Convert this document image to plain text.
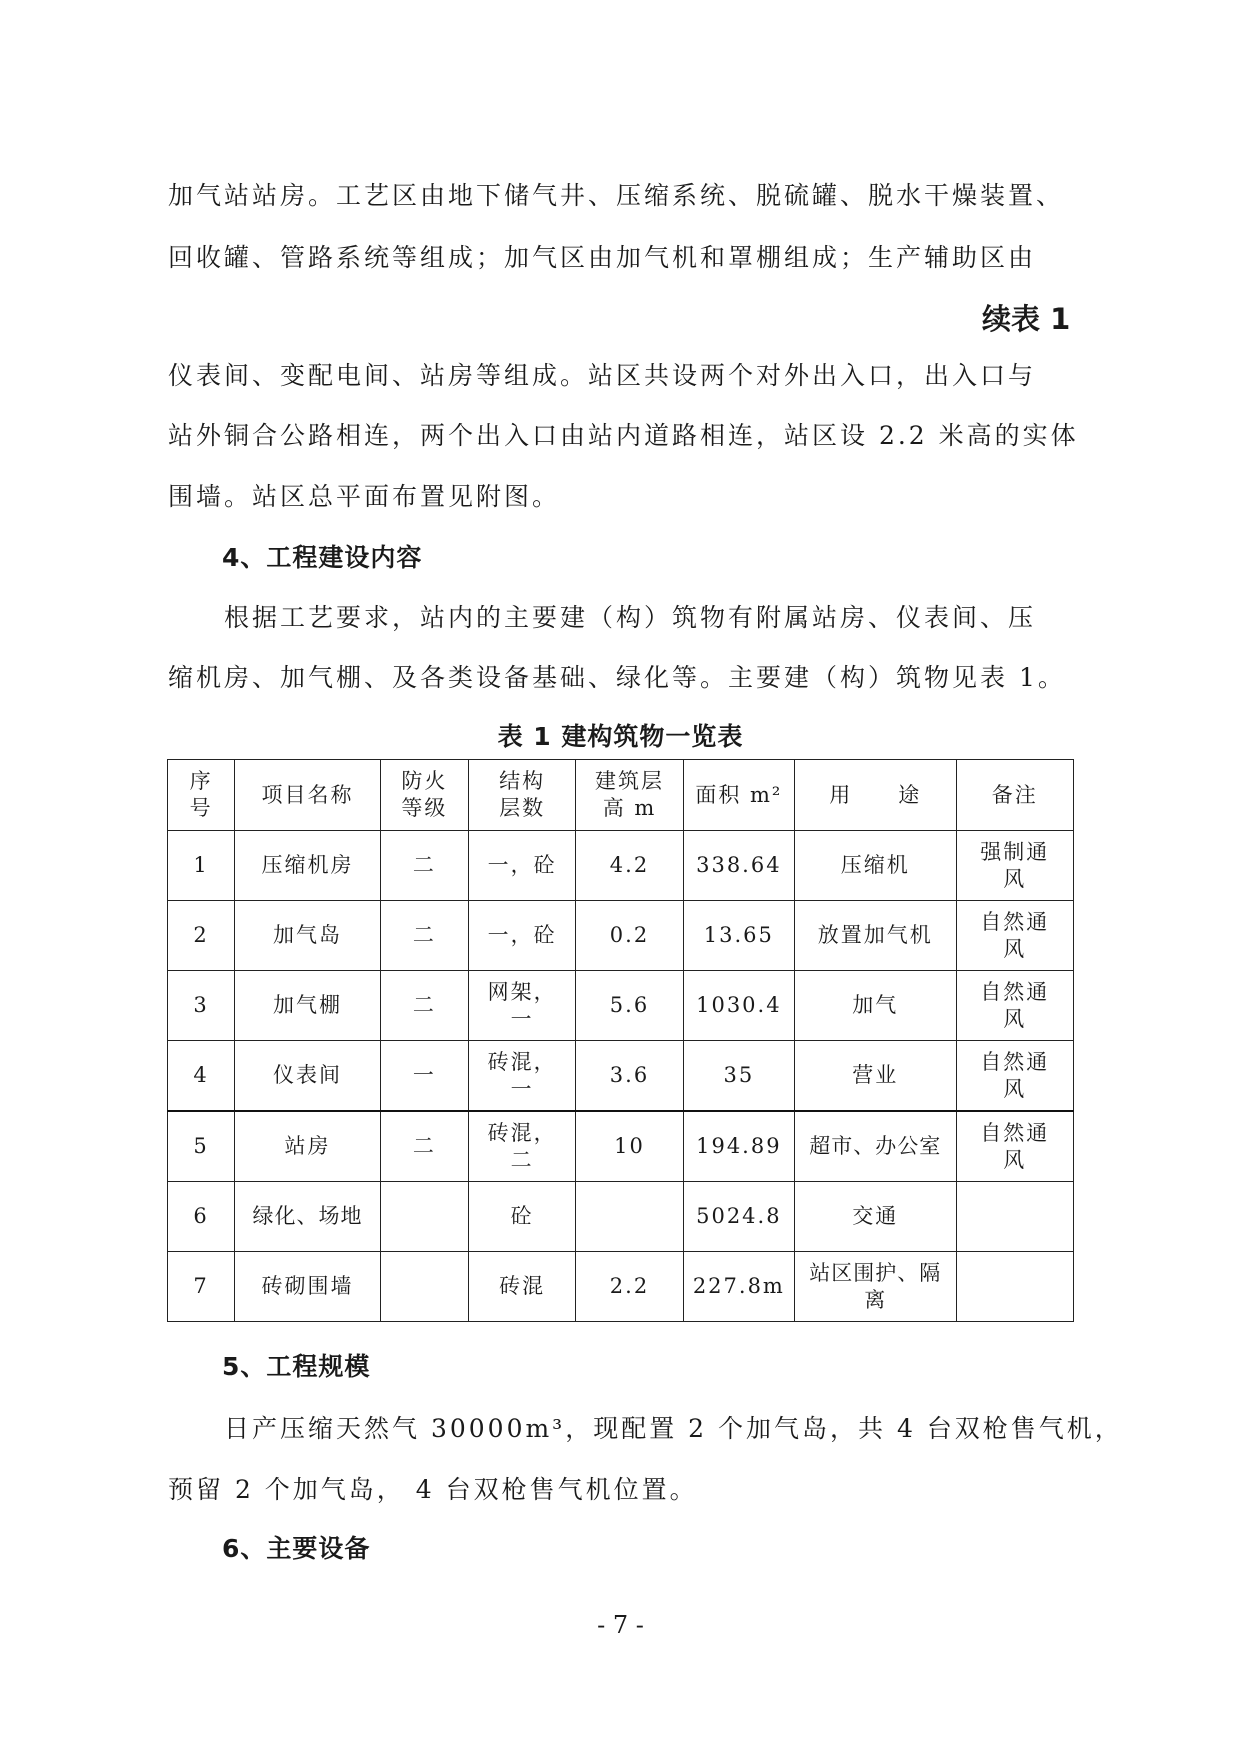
加气站站房。工艺区由地下储气井、压缩系统、脱硫罐、脱水干燥装置、
回收罐、管路系统等组成；加气区由加气机和罩棚组成；生产辅助区由
续表 1
仪表间、变配电间、站房等组成。站区共设两个对外出入口，出入口与
站外铜合公路相连，两个出入口由站内道路相连，站区设 2.2 米高的实体
围墙。站区总平面布置见附图。
4、工程建设内容
根据工艺要求，站内的主要建（构）筑物有附属站房、仪表间、压
缩机房、加气棚、及各类设备基础、绿化等。主要建（构）筑物见表 1。
表 1 建构筑物一览表
序号	项目名称	防火等级	结构层数	建筑层高 m	面积 m²	用　　途	备注
1	压缩机房	二	一，砼	4.2	338.64	压缩机	强制通风
2	加气岛	二	一，砼	0.2	13.65	放置加气机	自然通风
3	加气棚	二	网架，一	5.6	1030.4	加气	自然通风
4	仪表间	一	砖混，一	3.6	35	营业	自然通风
5	站房	二	砖混，二	10	194.89	超市、办公室	自然通风
6	绿化、场地		砼		5024.8	交通	
7	砖砌围墙		砖混	2.2	227.8m	站区围护、隔离	
5、工程规模
日产压缩天然气 30000m³，现配置 2 个加气岛，共 4 台双枪售气机，
预留 2 个加气岛， 4 台双枪售气机位置。
6、主要设备
- 7 -
